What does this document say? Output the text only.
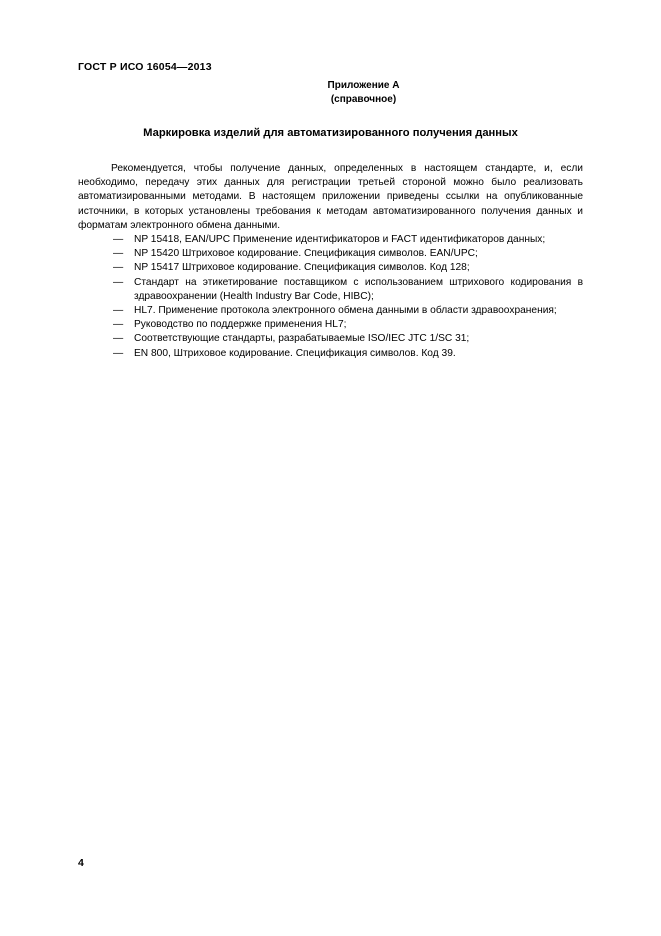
ГОСТ Р ИСО 16054—2013
Приложение А
(справочное)
Маркировка изделий для автоматизированного получения данных

Рекомендуется, чтобы получение данных, определенных в настоящем стандарте, и, если необходимо, передачу этих данных для регистрации третьей стороной можно было реализовать автоматизированными методами. В настоящем приложении приведены ссылки на опубликованные источники, в которых установлены требования к методам автоматизированного получения данных и форматам электронного обмена данными.

—	NP 15418, EAN/UPC Применение идентификаторов и FACT идентификаторов данных;
—	NP 15420 Штриховое кодирование. Спецификация символов. EAN/UPC;
—	NP 15417 Штриховое кодирование. Спецификация символов. Код 128;
—	Стандарт на этикетирование поставщиком с использованием штрихового кодирования в здравоохранении (Health Industry Bar Code, HIBC);
—	HL7. Применение протокола электронного обмена данными в области здравоохранения;
—	Руководство по поддержке применения HL7;
—	Соответствующие стандарты, разрабатываемые ISO/IEC JTC 1/SC 31;
—	EN 800, Штриховое кодирование. Спецификация символов. Код 39.
4
